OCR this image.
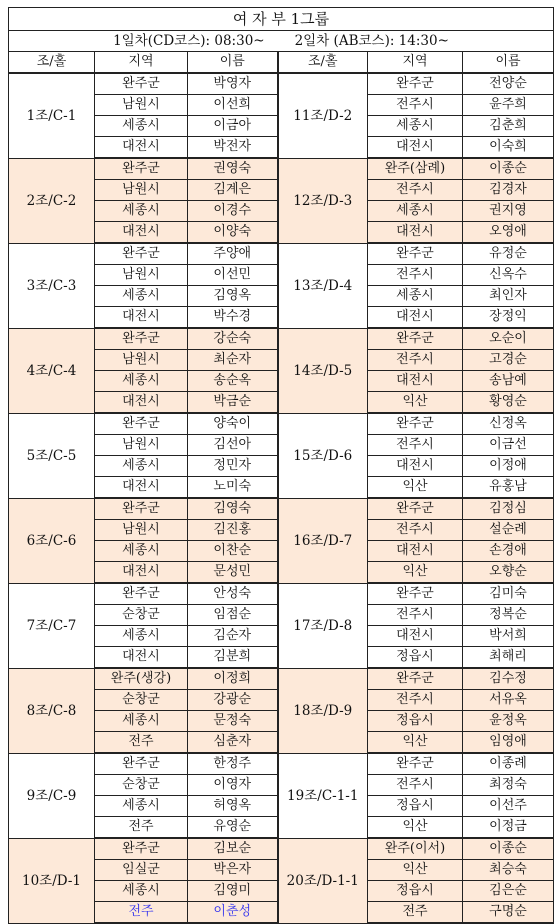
여 자 부 1그룹					
1일차(CD코스): 08:30~ 2일차 (AB코스): 14:30~					
조/홀	지역	이름	조/홀	지역	이름
1조/C-1	완주군	박영자	11조/D-2	완주군	전양순
	남원시	이선희		전주시	윤주희
	세종시	이금아		세종시	김춘희
	대전시	박전자		대전시	이숙희
2조/C-2	완주군	권영숙	12조/D-3	완주(삼례)	이종순
	남원시	김계은		전주시	김경자
	세종시	이경수		세종시	권지영
	대전시	이양숙		대전시	오영애
3조/C-3	완주군	주양애	13조/D-4	완주군	유정순
	남원시	이선민		전주시	신옥수
	세종시	김영옥		세종시	최인자
	대전시	박수경		대전시	장정익
4조/C-4	완주군	강순숙	14조/D-5	완주군	오순이
	남원시	최순자		전주시	고경순
	세종시	송순옥		대전시	송남예
	대전시	박금순		익산	황영순
5조/C-5	완주군	양숙이	15조/D-6	완주군	신정옥
	남원시	김선아		전주시	이금선
	세종시	정민자		대전시	이정애
	대전시	노미숙		익산	유홍남
6조/C-6	완주군	김영숙	16조/D-7	완주군	김정심
	남원시	김진홍		전주시	설순례
	세종시	이찬순		대전시	손경애
	대전시	문성민		익산	오향순
7조/C-7	완주군	안성숙	17조/D-8	완주군	김미숙
	순창군	임점순		전주시	정복순
	세종시	김순자		대전시	박서희
	대전시	김분희		정읍시	최해리
8조/C-8	완주(생강)	이정희	18조/D-9	완주군	김수정
	순창군	강광순		전주시	서유옥
	세종시	문정숙		정읍시	윤정옥
	전주	심춘자		익산	임영애
9조/C-9	완주군	한정주	19조/C-1-1	완주군	이종례
	순창군	이영자		전주시	최정숙
	세종시	허영옥		정읍시	이선주
	전주	유영순		익산	이정금
10조/D-1	완주군	김보순	20조/D-1-1	완주(이서)	이종순
	임실군	박은자		익산	최승숙
	세종시	김영미		정읍시	김은순
	전주	이춘성		전주	구명순
